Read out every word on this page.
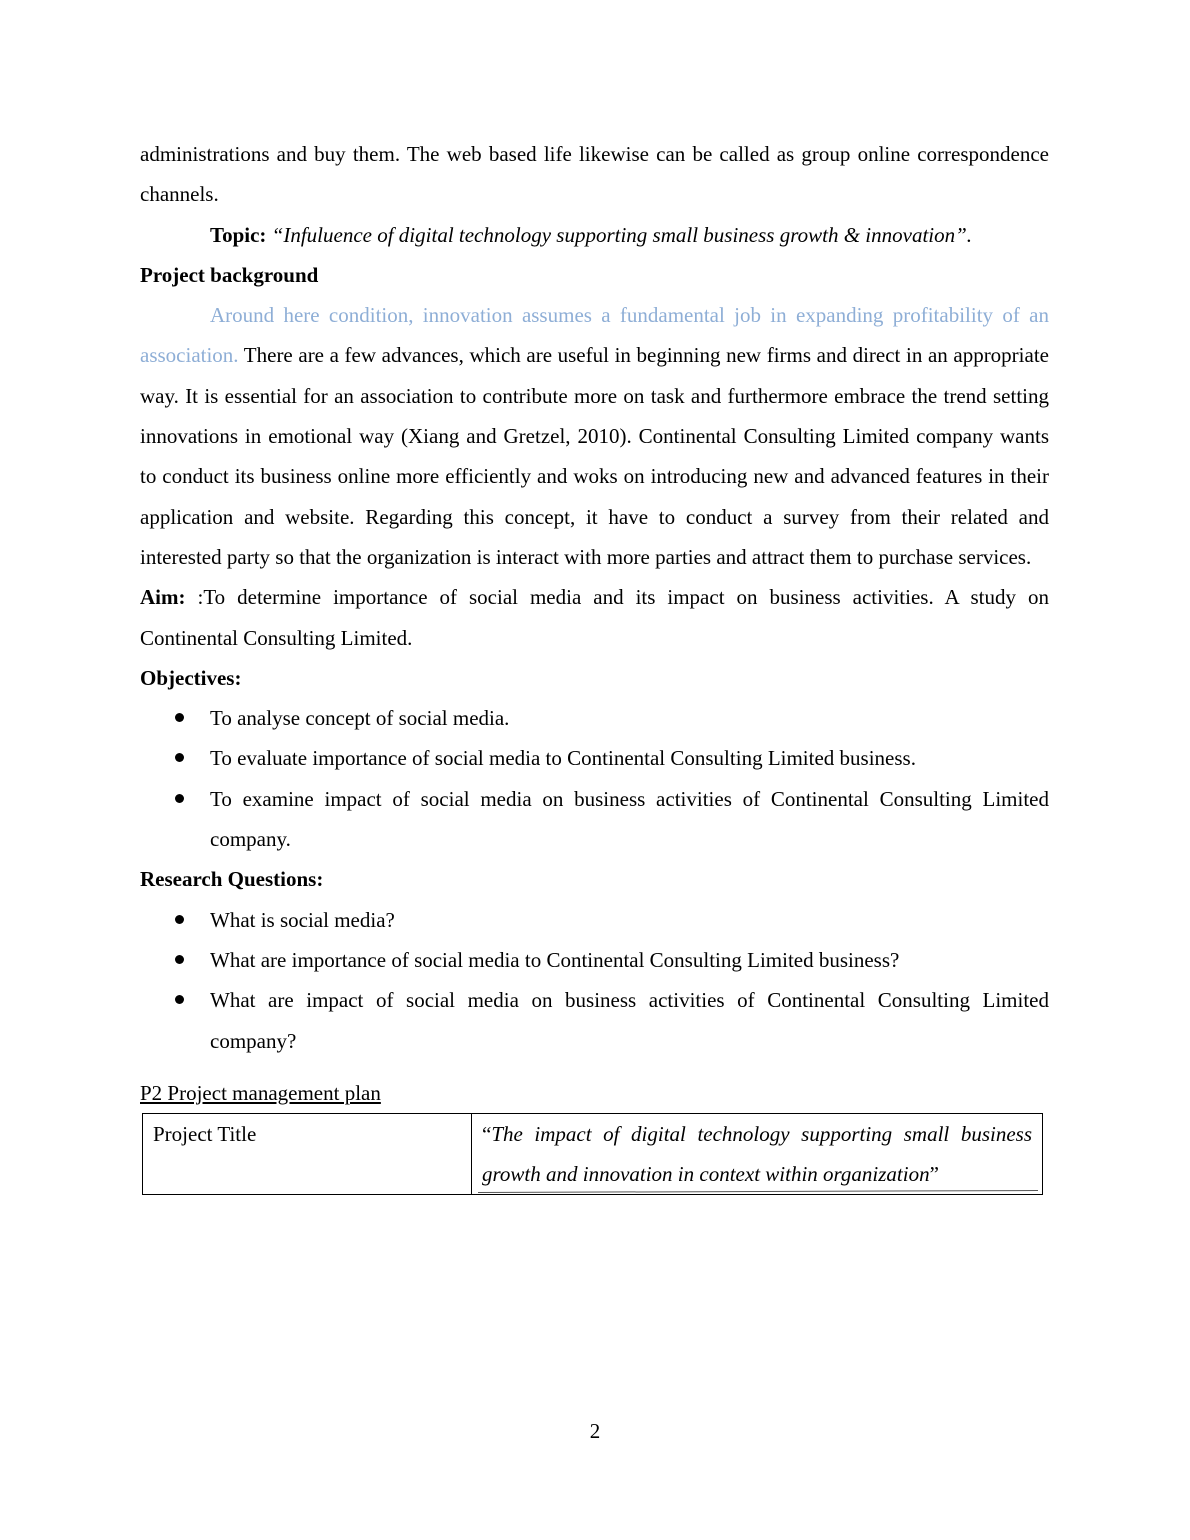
administrations and buy them. The web based life likewise can be called as group online correspondence channels.

Topic: “Infuluence of digital technology supporting small business growth & innovation”.

Project background

Around here condition, innovation assumes a fundamental job in expanding profitability of an association. There are a few advances, which are useful in beginning new firms and direct in an appropriate way. It is essential for an association to contribute more on task and furthermore embrace the trend setting innovations in emotional way (Xiang and Gretzel, 2010). Continental Consulting Limited company wants to conduct its business online more efficiently and woks on introducing new and advanced features in their application and website. Regarding this concept, it have to conduct a survey from their related and interested party so that the organization is interact with more parties and attract them to purchase services.

Aim: :To determine importance of social media and its impact on business activities. A study on Continental Consulting Limited.

Objectives:
To analyse concept of social media.
To evaluate importance of social media to Continental Consulting Limited business.
To examine impact of social media on business activities of Continental Consulting Limited company.
Research Questions:
What is social media?
What are importance of social media to Continental Consulting Limited business?
What are impact of social media on business activities of Continental Consulting Limited company?
P2 Project management plan
Project Title	“The impact of digital technology supporting small business growth and innovation in context within organization”
2
